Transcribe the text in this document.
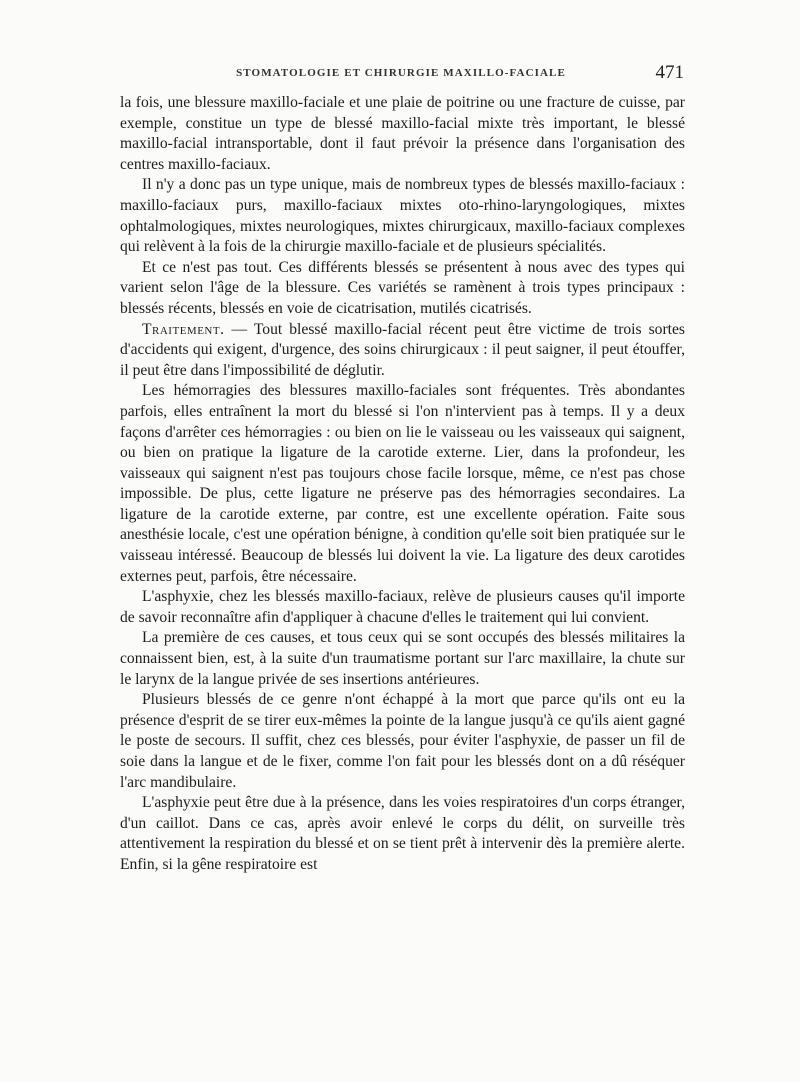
STOMATOLOGIE ET CHIRURGIE MAXILLO-FACIALE	471

la fois, une blessure maxillo-faciale et une plaie de poitrine ou une fracture de cuisse, par exemple, constitue un type de blessé maxillo-facial mixte très important, le blessé maxillo-facial intransportable, dont il faut prévoir la présence dans l'organisation des centres maxillo-faciaux.

Il n'y a donc pas un type unique, mais de nombreux types de blessés maxillo-faciaux : maxillo-faciaux purs, maxillo-faciaux mixtes oto-rhino-laryngologiques, mixtes ophtalmologiques, mixtes neurologiques, mixtes chirurgicaux, maxillo-faciaux complexes qui relèvent à la fois de la chirurgie maxillo-faciale et de plusieurs spécialités.

Et ce n'est pas tout. Ces différents blessés se présentent à nous avec des types qui varient selon l'âge de la blessure. Ces variétés se ramènent à trois types principaux : blessés récents, blessés en voie de cicatrisation, mutilés cicatrisés.

Traitement. — Tout blessé maxillo-facial récent peut être victime de trois sortes d'accidents qui exigent, d'urgence, des soins chirurgicaux : il peut saigner, il peut étouffer, il peut être dans l'impossibilité de déglutir.

Les hémorragies des blessures maxillo-faciales sont fréquentes. Très abondantes parfois, elles entraînent la mort du blessé si l'on n'intervient pas à temps. Il y a deux façons d'arrêter ces hémorragies : ou bien on lie le vaisseau ou les vaisseaux qui saignent, ou bien on pratique la ligature de la carotide externe. Lier, dans la profondeur, les vaisseaux qui saignent n'est pas toujours chose facile lorsque, même, ce n'est pas chose impossible. De plus, cette ligature ne préserve pas des hémorragies secondaires. La ligature de la carotide externe, par contre, est une excellente opération. Faite sous anesthésie locale, c'est une opération bénigne, à condition qu'elle soit bien pratiquée sur le vaisseau intéressé. Beaucoup de blessés lui doivent la vie. La ligature des deux carotides externes peut, parfois, être nécessaire.

L'asphyxie, chez les blessés maxillo-faciaux, relève de plusieurs causes qu'il importe de savoir reconnaître afin d'appliquer à chacune d'elles le traitement qui lui convient.

La première de ces causes, et tous ceux qui se sont occupés des blessés militaires la connaissent bien, est, à la suite d'un traumatisme portant sur l'arc maxillaire, la chute sur le larynx de la langue privée de ses insertions antérieures.

Plusieurs blessés de ce genre n'ont échappé à la mort que parce qu'ils ont eu la présence d'esprit de se tirer eux-mêmes la pointe de la langue jusqu'à ce qu'ils aient gagné le poste de secours. Il suffit, chez ces blessés, pour éviter l'asphyxie, de passer un fil de soie dans la langue et de le fixer, comme l'on fait pour les blessés dont on a dû réséquer l'arc mandibulaire.

L'asphyxie peut être due à la présence, dans les voies respiratoires d'un corps étranger, d'un caillot. Dans ce cas, après avoir enlevé le corps du délit, on surveille très attentivement la respiration du blessé et on se tient prêt à intervenir dès la première alerte. Enfin, si la gêne respiratoire est
